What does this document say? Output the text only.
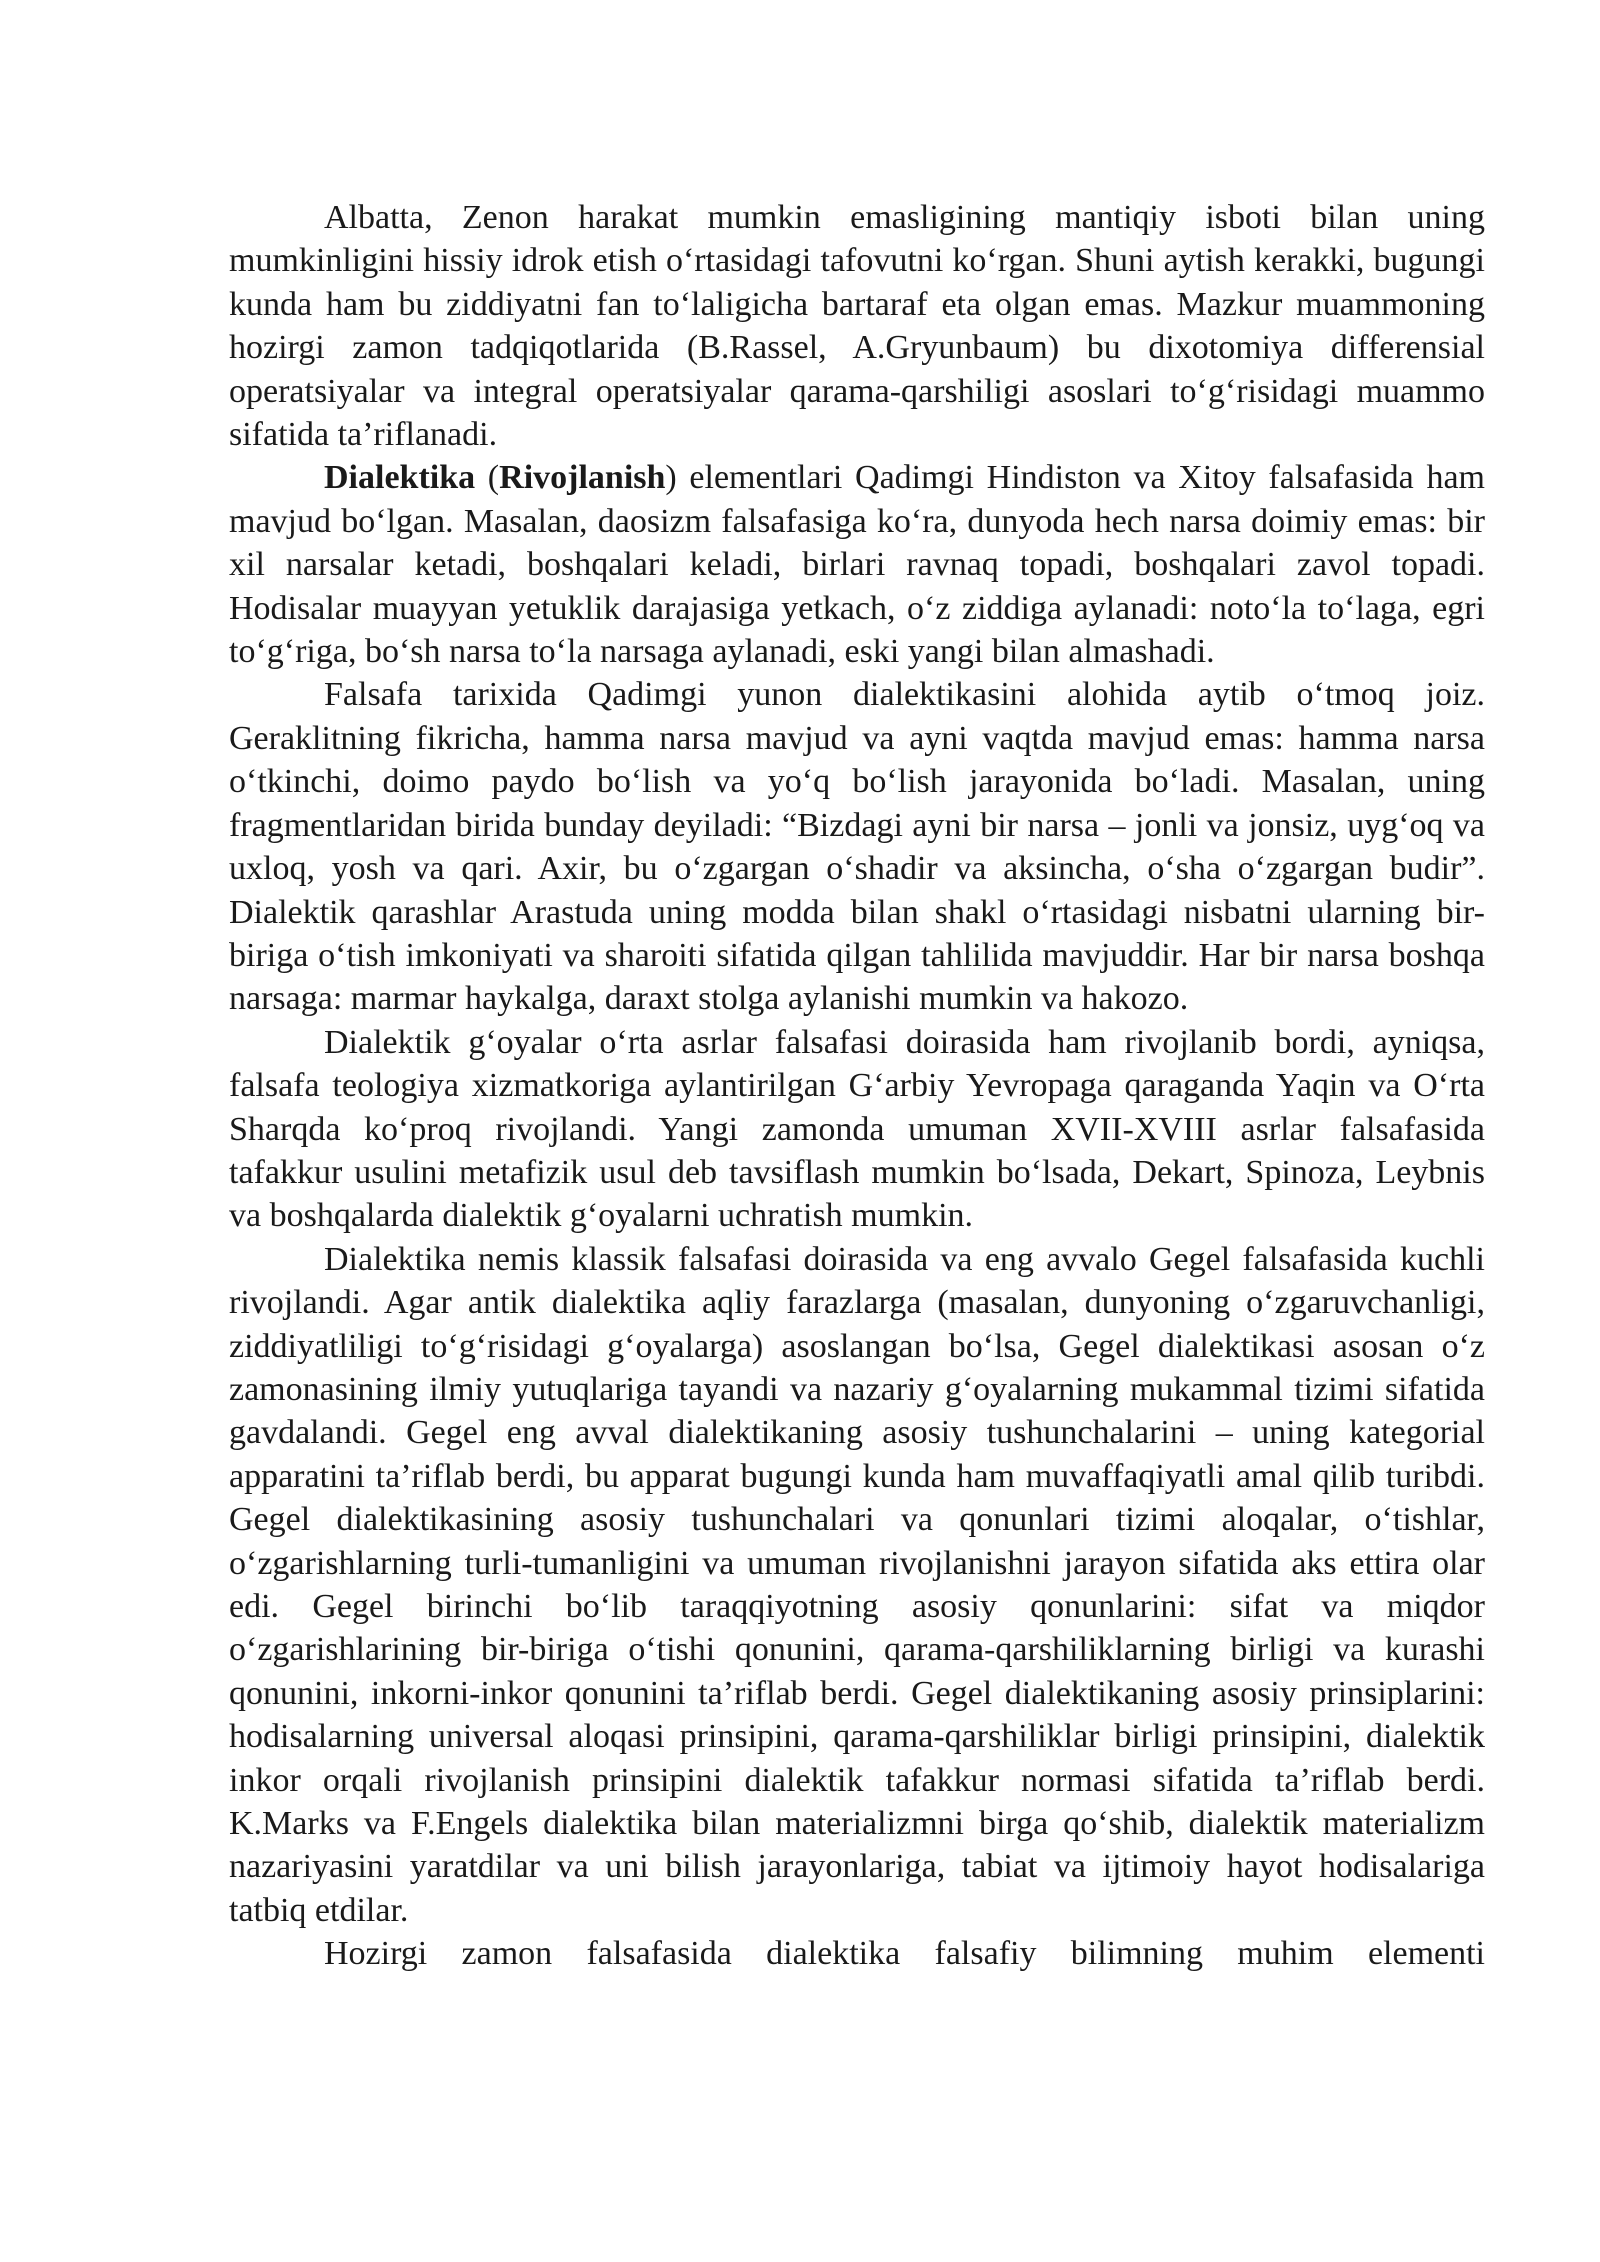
Albatta, Zenon harakat mumkin emasligining mantiqiy isboti bilan uning mumkinligini hissiy idrok etish o‘rtasidagi tafovutni ko‘rgan. Shuni aytish kerakki, bugungi kunda ham bu ziddiyatni fan to‘laligicha bartaraf eta olgan emas. Mazkur muammoning hozirgi zamon tadqiqotlarida (B.Rassel, A.Gryunbaum) bu dixotomiya differensial operatsiyalar va integral operatsiyalar qarama-qarshiligi asoslari to‘g‘risidagi muammo sifatida ta’riflanadi.

Dialektika (Rivojlanish) elementlari Qadimgi Hindiston va Xitoy falsafasida ham mavjud bo‘lgan. Masalan, daosizm falsafasiga ko‘ra, dunyoda hech narsa doimiy emas: bir xil narsalar ketadi, boshqalari keladi, birlari ravnaq topadi, boshqalari zavol topadi. Hodisalar muayyan yetuklik darajasiga yetkach, o‘z ziddiga aylanadi: noto‘la to‘laga, egri to‘g‘riga, bo‘sh narsa to‘la narsaga aylanadi, eski yangi bilan almashadi.

Falsafa tarixida Qadimgi yunon dialektikasini alohida aytib o‘tmoq joiz. Geraklitning fikricha, hamma narsa mavjud va ayni vaqtda mavjud emas: hamma narsa o‘tkinchi, doimo paydo bo‘lish va yo‘q bo‘lish jarayonida bo‘ladi. Masalan, uning fragmentlaridan birida bunday deyiladi: “Bizdagi ayni bir narsa – jonli va jonsiz, uyg‘oq va uxloq, yosh va qari. Axir, bu o‘zgargan o‘shadir va aksincha, o‘sha o‘zgargan budir”. Dialektik qarashlar Arastuda uning modda bilan shakl o‘rtasidagi nisbatni ularning bir-biriga o‘tish imkoniyati va sharoiti sifatida qilgan tahlilida mavjuddir. Har bir narsa boshqa narsaga: marmar haykalga, daraxt stolga aylanishi mumkin va hakozo.

Dialektik g‘oyalar o‘rta asrlar falsafasi doirasida ham rivojlanib bordi, ayniqsa, falsafa teologiya xizmatkoriga aylantirilgan G‘arbiy Yevropaga qaraganda Yaqin va O‘rta Sharqda ko‘proq rivojlandi. Yangi zamonda umuman XVII-XVIII asrlar falsafasida tafakkur usulini metafizik usul deb tavsiflash mumkin bo‘lsada, Dekart, Spinoza, Leybnis va boshqalarda dialektik g‘oyalarni uchratish mumkin.

Dialektika nemis klassik falsafasi doirasida va eng avvalo Gegel falsafasida kuchli rivojlandi. Agar antik dialektika aqliy farazlarga (masalan, dunyoning o‘zgaruvchanligi, ziddiyatliligi to‘g‘risidagi g‘oyalarga) asoslangan bo‘lsa, Gegel dialektikasi asosan o‘z zamonasining ilmiy yutuqlariga tayandi va nazariy g‘oyalarning mukammal tizimi sifatida gavdalandi. Gegel eng avval dialektikaning asosiy tushunchalarini – uning kategorial apparatini ta’riflab berdi, bu apparat bugungi kunda ham muvaffaqiyatli amal qilib turibdi. Gegel dialektikasining asosiy tushunchalari va qonunlari tizimi aloqalar, o‘tishlar, o‘zgarishlarning turli-tumanligini va umuman rivojlanishni jarayon sifatida aks ettira olar edi. Gegel birinchi bo‘lib taraqqiyotning asosiy qonunlarini: sifat va miqdor o‘zgarishlarining bir-biriga o‘tishi qonunini, qarama-qarshiliklarning birligi va kurashi qonunini, inkorni-inkor qonunini ta’riflab berdi. Gegel dialektikaning asosiy prinsiplarini: hodisalarning universal aloqasi prinsipini, qarama-qarshiliklar birligi prinsipini, dialektik inkor orqali rivojlanish prinsipini dialektik tafakkur normasi sifatida ta’riflab berdi. K.Marks va F.Engels dialektika bilan materializmni birga qo‘shib, dialektik materializm nazariyasini yaratdilar va uni bilish jarayonlariga, tabiat va ijtimoiy hayot hodisalariga tatbiq etdilar.

Hozirgi zamon falsafasida dialektika falsafiy bilimning muhim elementi
